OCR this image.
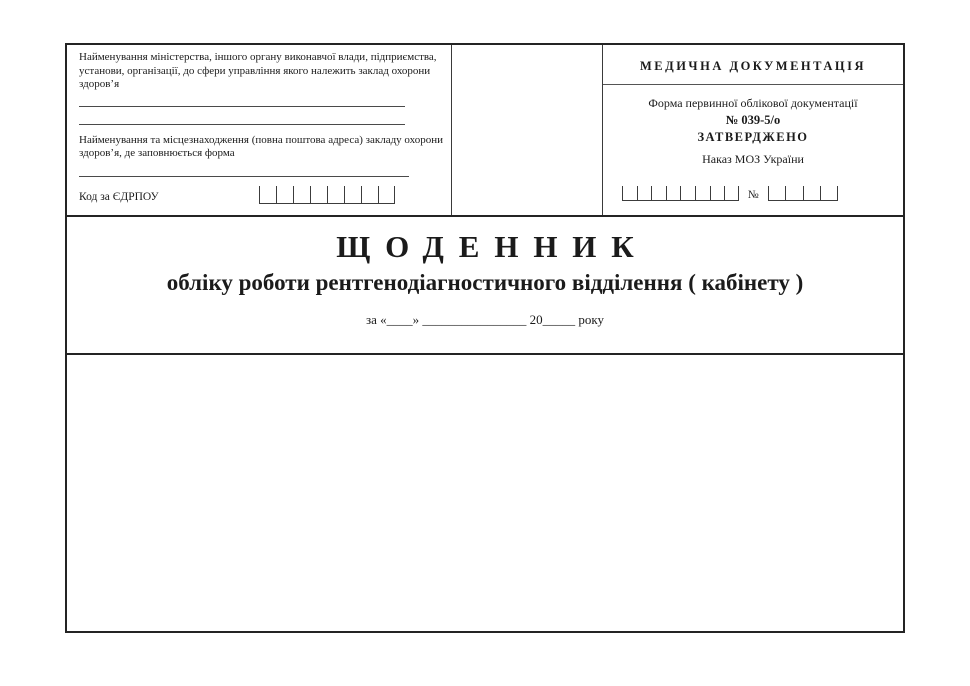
Найменування міністерства, іншого органу виконавчої влади, підприємства, установи, організації, до сфери управління якого належить заклад охорони здоров’я
Найменування та місцезнаходження (повна поштова адреса) закладу охорони здоров’я, де заповнюється форма
Код за ЄДРПОУ
МЕДИЧНА ДОКУМЕНТАЦІЯ
Форма первинної облікової документації
№ 039-5/о
ЗАТВЕРДЖЕНО
Наказ МОЗ України
№
ЩОДЕННИК
обліку роботи рентгенодіагностичного відділення ( кабінету )
за «____» ________________ 20_____ року
